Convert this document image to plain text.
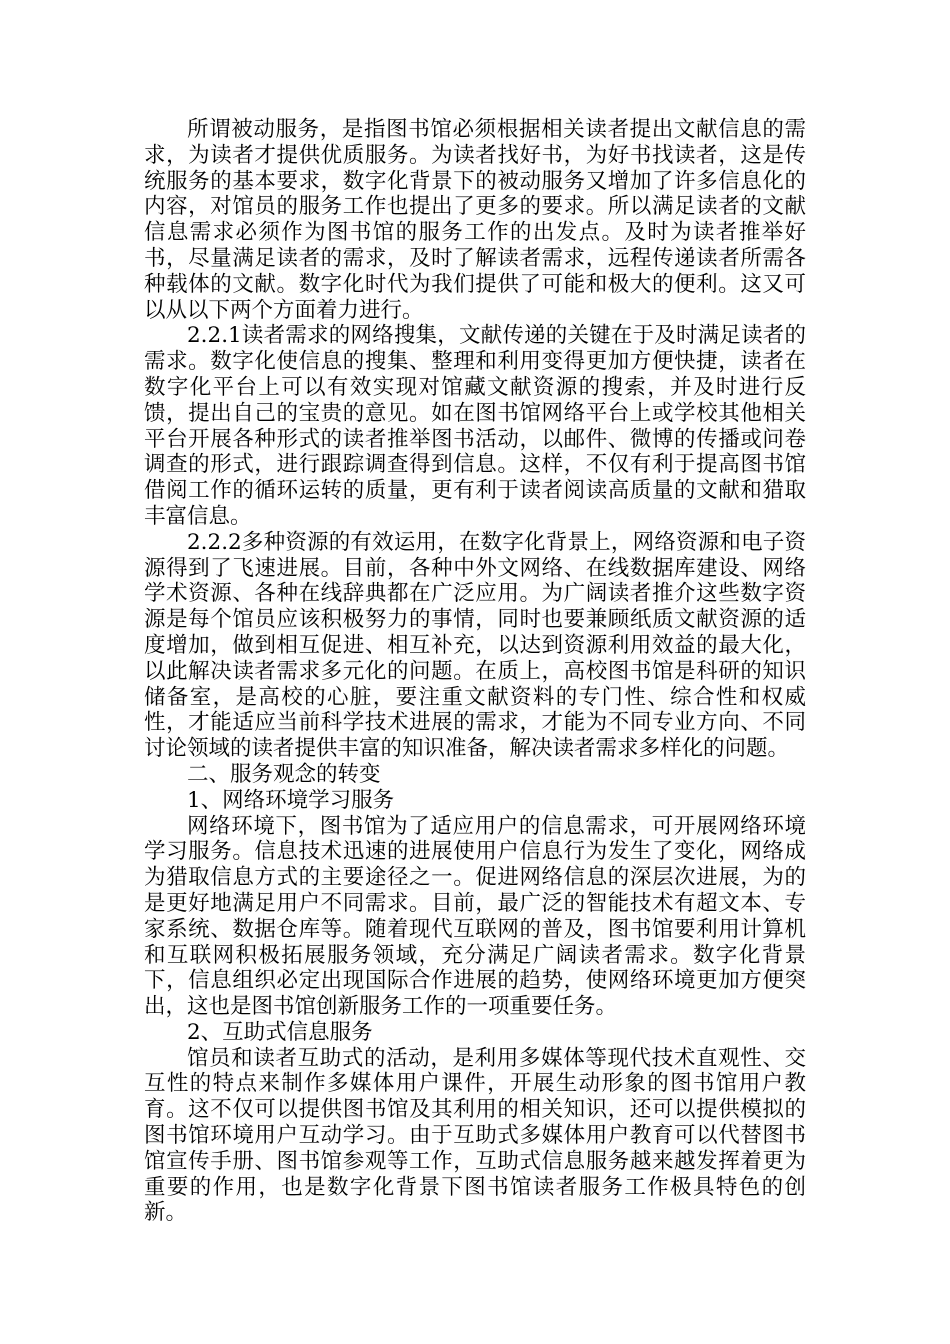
所谓被动服务，是指图书馆必须根据相关读者提出文献信息的需求，为读者才提供优质服务。为读者找好书，为好书找读者，这是传统服务的基本要求，数字化背景下的被动服务又增加了许多信息化的内容，对馆员的服务工作也提出了更多的要求。所以满足读者的文献信息需求必须作为图书馆的服务工作的出发点。及时为读者推举好书，尽量满足读者的需求，及时了解读者需求，远程传递读者所需各种载体的文献。数字化时代为我们提供了可能和极大的便利。这又可以从以下两个方面着力进行。

2.2.1读者需求的网络搜集，文献传递的关键在于及时满足读者的需求。数字化使信息的搜集、整理和利用变得更加方便快捷，读者在数字化平台上可以有效实现对馆藏文献资源的搜索，并及时进行反馈，提出自己的宝贵的意见。如在图书馆网络平台上或学校其他相关平台开展各种形式的读者推举图书活动，以邮件、微博的传播或问卷调查的形式，进行跟踪调查得到信息。这样，不仅有利于提高图书馆借阅工作的循环运转的质量，更有利于读者阅读高质量的文献和猎取丰富信息。

2.2.2多种资源的有效运用，在数字化背景上，网络资源和电子资源得到了飞速进展。目前，各种中外文网络、在线数据库建设、网络学术资源、各种在线辞典都在广泛应用。为广阔读者推介这些数字资源是每个馆员应该积极努力的事情，同时也要兼顾纸质文献资源的适度增加，做到相互促进、相互补充，以达到资源利用效益的最大化，以此解决读者需求多元化的问题。在质上，高校图书馆是科研的知识储备室，是高校的心脏，要注重文献资料的专门性、综合性和权威性，才能适应当前科学技术进展的需求，才能为不同专业方向、不同讨论领域的读者提供丰富的知识准备，解决读者需求多样化的问题。

二、服务观念的转变

1、网络环境学习服务

网络环境下，图书馆为了适应用户的信息需求，可开展网络环境学习服务。信息技术迅速的进展使用户信息行为发生了变化，网络成为猎取信息方式的主要途径之一。促进网络信息的深层次进展，为的是更好地满足用户不同需求。目前，最广泛的智能技术有超文本、专家系统、数据仓库等。随着现代互联网的普及，图书馆要利用计算机和互联网积极拓展服务领域，充分满足广阔读者需求。数字化背景下，信息组织必定出现国际合作进展的趋势，使网络环境更加方便突出，这也是图书馆创新服务工作的一项重要任务。

2、互助式信息服务

馆员和读者互助式的活动，是利用多媒体等现代技术直观性、交互性的特点来制作多媒体用户课件，开展生动形象的图书馆用户教育。这不仅可以提供图书馆及其利用的相关知识，还可以提供模拟的图书馆环境用户互动学习。由于互助式多媒体用户教育可以代替图书馆宣传手册、图书馆参观等工作，互助式信息服务越来越发挥着更为重要的作用，也是数字化背景下图书馆读者服务工作极具特色的创新。
